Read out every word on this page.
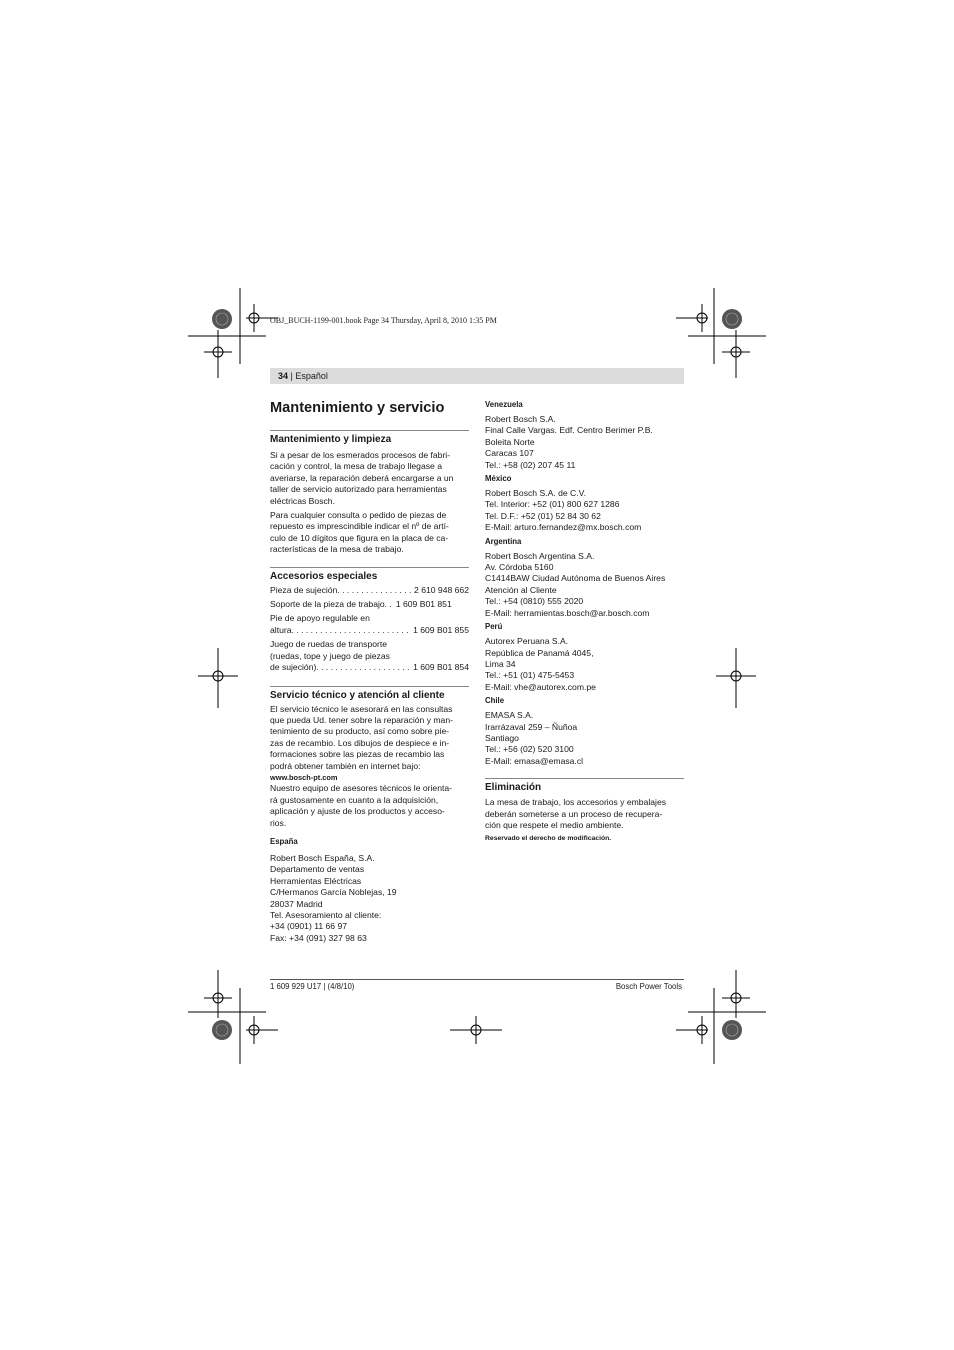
OBJ_BUCH-1199-001.book Page 34 Thursday, April 8, 2010 1:35 PM
34 | Español
Mantenimiento y servicio
Mantenimiento y limpieza
Si a pesar de los esmerados procesos de fabri-
cación y control, la mesa de trabajo llegase a
averiarse, la reparación deberá encargarse a un
taller de servicio autorizado para herramientas
eléctricas Bosch.
Para cualquier consulta o pedido de piezas de
repuesto es imprescindible indicar el nº de artí-
culo de 10 dígitos que figura en la placa de ca-
racterísticas de la mesa de trabajo.
Accesorios especiales
Pieza de sujeción . . .	2 610 948 662
Soporte de la pieza de trabajo. . 1 609 B01 851
Pie de apoyo regulable en
altura . . .	1 609 B01 855
Juego de ruedas de transporte
(ruedas, tope y juego de piezas
de sujeción) . . .	1 609 B01 854
Servicio técnico y atención al cliente
El servicio técnico le asesorará en las consultas
que pueda Ud. tener sobre la reparación y man-
tenimiento de su producto, así como sobre pie-
zas de recambio. Los dibujos de despiece e in-
formaciones sobre las piezas de recambio las
podrá obtener también en internet bajo:
www.bosch-pt.com
Nuestro equipo de asesores técnicos le orienta-
rá gustosamente en cuanto a la adquisición,
aplicación y ajuste de los productos y acceso-
rios.
España
Robert Bosch España, S.A.
Departamento de ventas
Herramientas Eléctricas
C/Hermanos García Noblejas, 19
28037 Madrid
Tel. Asesoramiento al cliente:
+34 (0901) 11 66 97
Fax: +34 (091) 327 98 63
Venezuela
Robert Bosch S.A.
Final Calle Vargas. Edf. Centro Berimer P.B.
Boleita Norte
Caracas 107
Tel.: +58 (02) 207 45 11
México
Robert Bosch S.A. de C.V.
Tel. Interior: +52 (01) 800 627 1286
Tel. D.F.: +52 (01) 52 84 30 62
E-Mail: arturo.fernandez@mx.bosch.com
Argentina
Robert Bosch Argentina S.A.
Av. Córdoba 5160
C1414BAW Ciudad Autónoma de Buenos Aires
Atención al Cliente
Tel.: +54 (0810) 555 2020
E-Mail: herramientas.bosch@ar.bosch.com
Perú
Autorex Peruana S.A.
República de Panamá 4045,
Lima 34
Tel.: +51 (01) 475-5453
E-Mail: vhe@autorex.com.pe
Chile
EMASA S.A.
Irarrázaval 259 – Ñuñoa
Santiago
Tel.: +56 (02) 520 3100
E-Mail: emasa@emasa.cl
Eliminación
La mesa de trabajo, los accesorios y embalajes
deberán someterse a un proceso de recupera-
ción que respete el medio ambiente.
Reservado el derecho de modificación.
1 609 929 U17 | (4/8/10)	Bosch Power Tools
